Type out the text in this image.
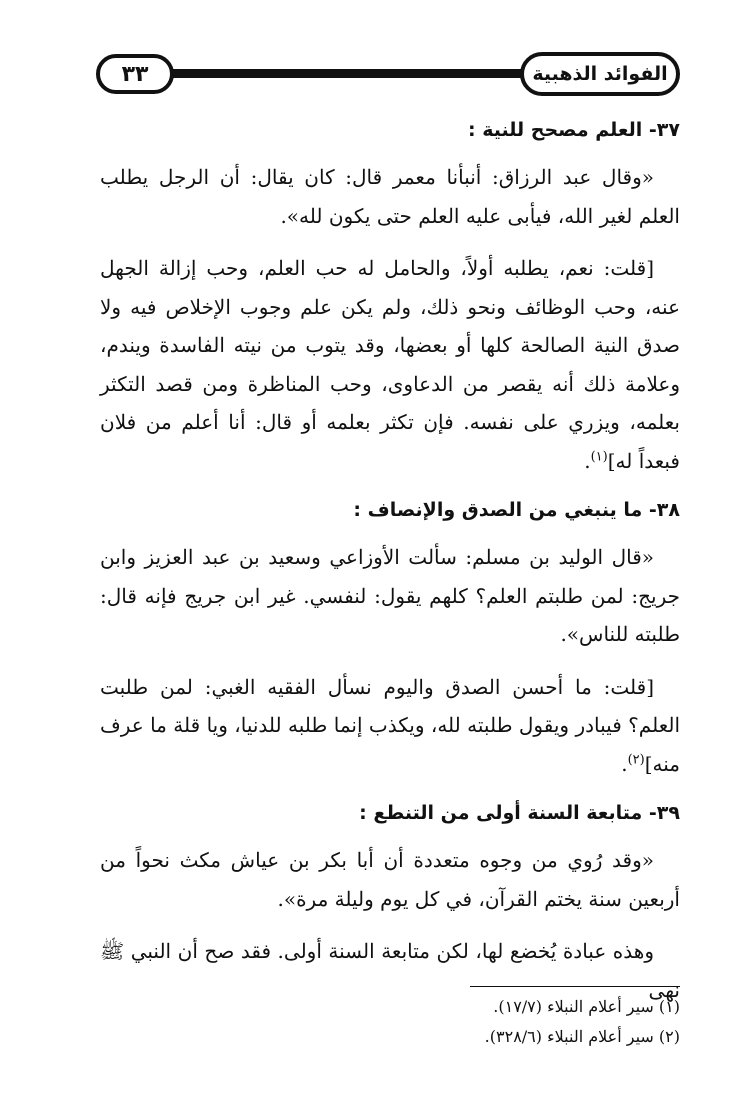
الفوائد الذهبية
٣٣
٣٧- العلم مصحح للنية :

«وقال عبد الرزاق: أنبأنا معمر قال: كان يقال: أن الرجل يطلب العلم لغير الله، فيأبى عليه العلم حتى يكون لله».

[قلت: نعم، يطلبه أولاً، والحامل له حب العلم، وحب إزالة الجهل عنه، وحب الوظائف ونحو ذلك، ولم يكن علم وجوب الإخلاص فيه ولا صدق النية الصالحة كلها أو بعضها، وقد يتوب من نيته الفاسدة ويندم، وعلامة ذلك أنه يقصر من الدعاوى، وحب المناظرة ومن قصد التكثر بعلمه، ويزري على نفسه. فإن تكثر بعلمه أو قال: أنا أعلم من فلان فبعداً له]$^{(١)}$.

٣٨- ما ينبغي من الصدق والإنصاف :

«قال الوليد بن مسلم: سألت الأوزاعي وسعيد بن عبد العزيز وابن جريج: لمن طلبتم العلم؟ كلهم يقول: لنفسي. غير ابن جريج فإنه قال: طلبته للناس».

[قلت: ما أحسن الصدق واليوم نسأل الفقيه الغبي: لمن طلبت العلم؟ فيبادر ويقول طلبته لله، ويكذب إنما طلبه للدنيا، ويا قلة ما عرف منه]$^{(٢)}$.

٣٩- متابعة السنة أولى من التنطع :

«وقد رُوي من وجوه متعددة أن أبا بكر بن عياش مكث نحواً من أربعين سنة يختم القرآن، في كل يوم وليلة مرة».

وهذه عبادة يُخضع لها، لكن متابعة السنة أولى. فقد صح أن النبي ﷺ نهى

(١) سير أعلام النبلاء (١٧/٧).

(٢) سير أعلام النبلاء (٣٢٨/٦).
